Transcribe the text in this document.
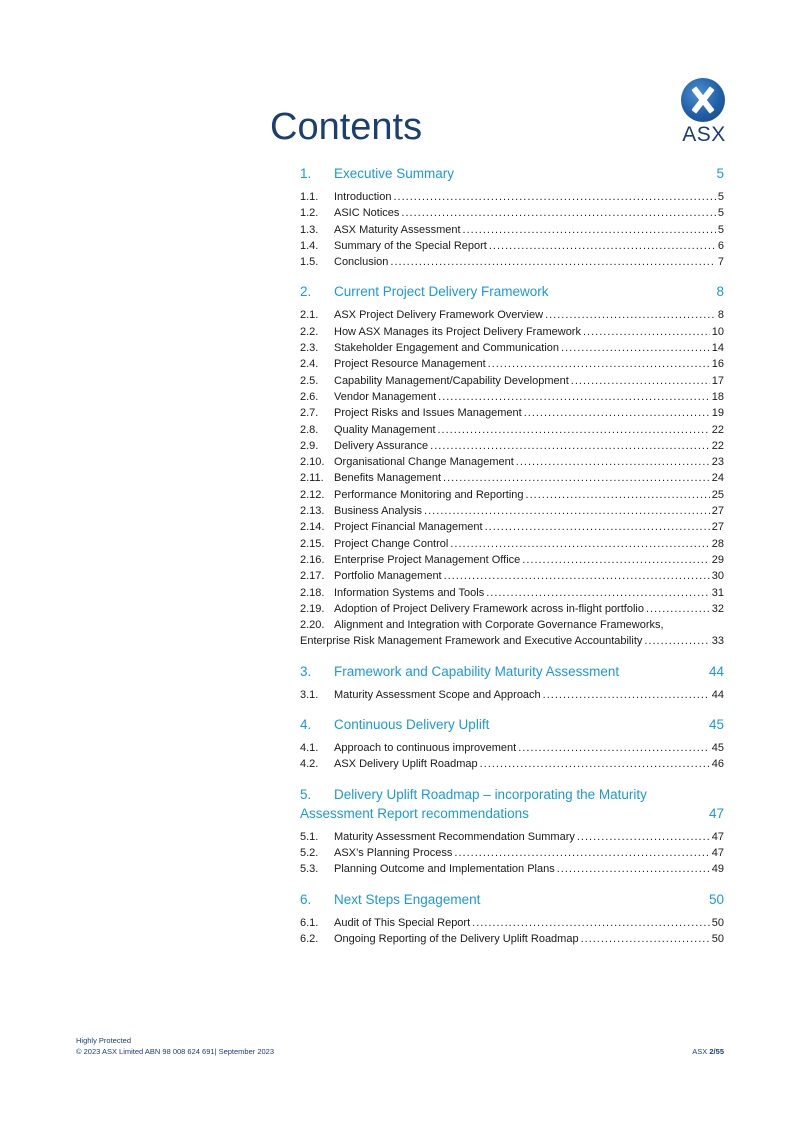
ASX
Contents
1.	Executive Summary	5
1.1.	Introduction .....	5
1.2.	ASIC Notices .....	5
1.3.	ASX Maturity Assessment .....	5
1.4.	Summary of the Special Report .....	6
1.5.	Conclusion .....	7
2.	Current Project Delivery Framework	8
2.1.	ASX Project Delivery Framework Overview .....	8
2.2.	How ASX Manages its Project Delivery Framework .....	10
2.3.	Stakeholder Engagement and Communication .....	14
2.4.	Project Resource Management .....	16
2.5.	Capability Management/Capability Development .....	17
2.6.	Vendor Management .....	18
2.7.	Project Risks and Issues Management .....	19
2.8.	Quality Management .....	22
2.9.	Delivery Assurance .....	22
2.10. Organisational Change Management .....	23
2.11. Benefits Management .....	24
2.12. Performance Monitoring and Reporting .....	25
2.13. Business Analysis .....	27
2.14. Project Financial Management .....	27
2.15. Project Change Control .....	28
2.16. Enterprise Project Management Office .....	29
2.17. Portfolio Management .....	30
2.18. Information Systems and Tools .....	31
2.19. Adoption of Project Delivery Framework across in-flight portfolio .....	32
2.20. Alignment and Integration with Corporate Governance Frameworks,
Enterprise Risk Management Framework and Executive Accountability .....	33
3.	Framework and Capability Maturity Assessment	44
3.1.	Maturity Assessment Scope and Approach .....	44
4.	Continuous Delivery Uplift	45
4.1.	Approach to continuous improvement .....	45
4.2.	ASX Delivery Uplift Roadmap .....	46
5.	Delivery Uplift Roadmap – incorporating the Maturity
Assessment Report recommendations	47
5.1.	Maturity Assessment Recommendation Summary .....	47
5.2.	ASX’s Planning Process .....	47
5.3.	Planning Outcome and Implementation Plans .....	49
6.	Next Steps Engagement	50
6.1.	Audit of This Special Report .....	50
6.2.	Ongoing Reporting of the Delivery Uplift Roadmap .....	50
Highly Protected
© 2023 ASX Limited ABN 98 008 624 691| September 2023	ASX 2/55
